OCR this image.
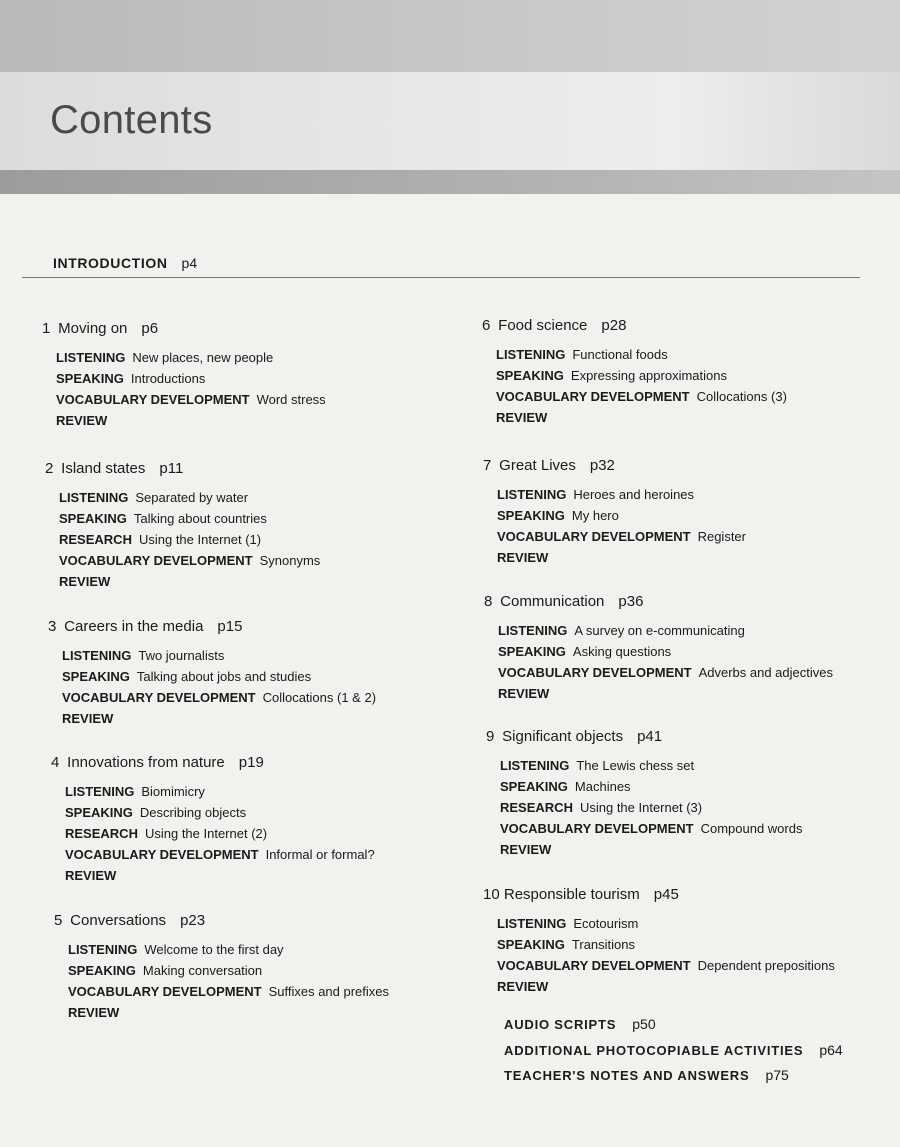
Contents
INTRODUCTION p4
1 Moving on p6
LISTENING New places, new people
SPEAKING Introductions
VOCABULARY DEVELOPMENT Word stress
REVIEW
2 Island states p11
LISTENING Separated by water
SPEAKING Talking about countries
RESEARCH Using the Internet (1)
VOCABULARY DEVELOPMENT Synonyms
REVIEW
3 Careers in the media p15
LISTENING Two journalists
SPEAKING Talking about jobs and studies
VOCABULARY DEVELOPMENT Collocations (1 & 2)
REVIEW
4 Innovations from nature p19
LISTENING Biomimicry
SPEAKING Describing objects
RESEARCH Using the Internet (2)
VOCABULARY DEVELOPMENT Informal or formal?
REVIEW
5 Conversations p23
LISTENING Welcome to the first day
SPEAKING Making conversation
VOCABULARY DEVELOPMENT Suffixes and prefixes
REVIEW
6 Food science p28
LISTENING Functional foods
SPEAKING Expressing approximations
VOCABULARY DEVELOPMENT Collocations (3)
REVIEW
7 Great Lives p32
LISTENING Heroes and heroines
SPEAKING My hero
VOCABULARY DEVELOPMENT Register
REVIEW
8 Communication p36
LISTENING A survey on e-communicating
SPEAKING Asking questions
VOCABULARY DEVELOPMENT Adverbs and adjectives
REVIEW
9 Significant objects p41
LISTENING The Lewis chess set
SPEAKING Machines
RESEARCH Using the Internet (3)
VOCABULARY DEVELOPMENT Compound words
REVIEW
10 Responsible tourism p45
LISTENING Ecotourism
SPEAKING Transitions
VOCABULARY DEVELOPMENT Dependent prepositions
REVIEW
AUDIO SCRIPTS p50
ADDITIONAL PHOTOCOPIABLE ACTIVITIES p64
TEACHER'S NOTES AND ANSWERS p75
